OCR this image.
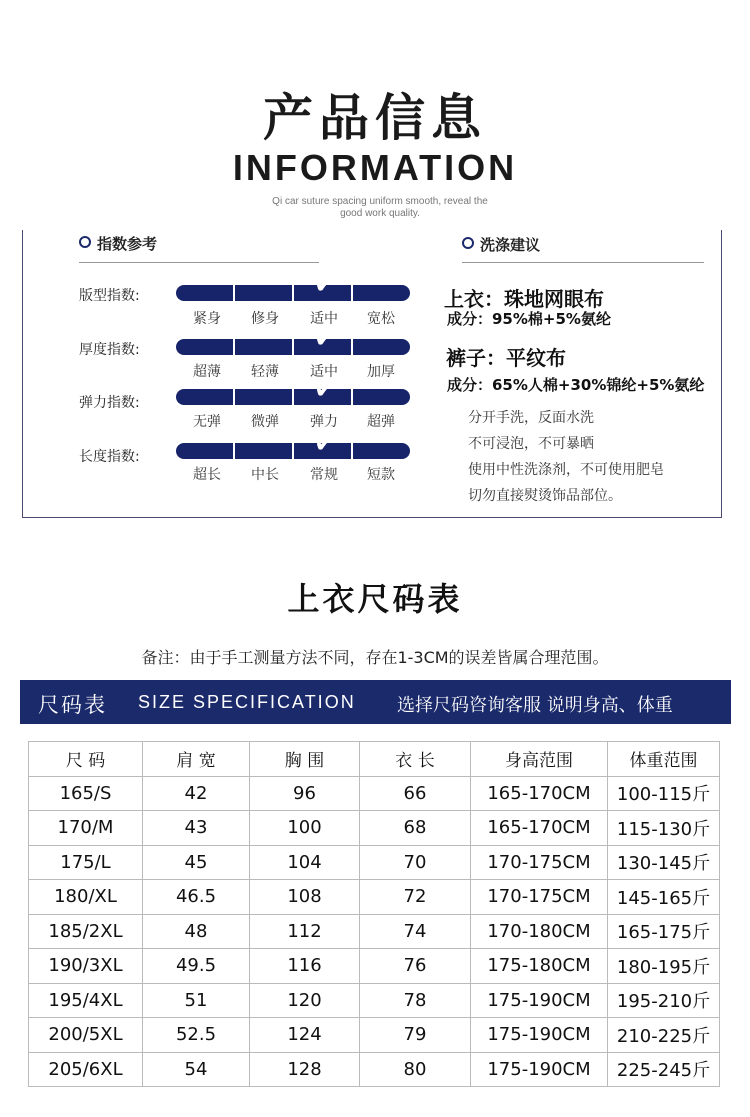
产品信息
INFORMATION
Qi car suture spacing uniform smooth, reveal the
good work quality.
指数参考	洗涤建议
版型指数:	✔
紧身	修身	适中	宽松
厚度指数:	✔
超薄	轻薄	适中	加厚
弹力指数:	✔
无弹	微弹	弹力	超弹
长度指数:	✔
超长	中长	常规	短款
上衣：珠地网眼布
成分：95%棉+5%氨纶
裤子：平纹布
成分：65%人棉+30%锦纶+5%氨纶
分开手洗，反面水洗
不可浸泡，不可暴晒
使用中性洗涤剂，不可使用肥皂
切勿直接熨烫饰品部位。
上衣尺码表
备注：由于手工测量方法不同，存在1-3CM的误差皆属合理范围。
尺码表 SIZE SPECIFICATION 选择尺码咨询客服 说明身高、体重
尺 码	肩 宽	胸 围	衣 长	身高范围	体重范围
165/S	42	96	66	165-170CM	100-115斤
170/M	43	100	68	165-170CM	115-130斤
175/L	45	104	70	170-175CM	130-145斤
180/XL	46.5	108	72	170-175CM	145-165斤
185/2XL	48	112	74	170-180CM	165-175斤
190/3XL	49.5	116	76	175-180CM	180-195斤
195/4XL	51	120	78	175-190CM	195-210斤
200/5XL	52.5	124	79	175-190CM	210-225斤
205/6XL	54	128	80	175-190CM	225-245斤
